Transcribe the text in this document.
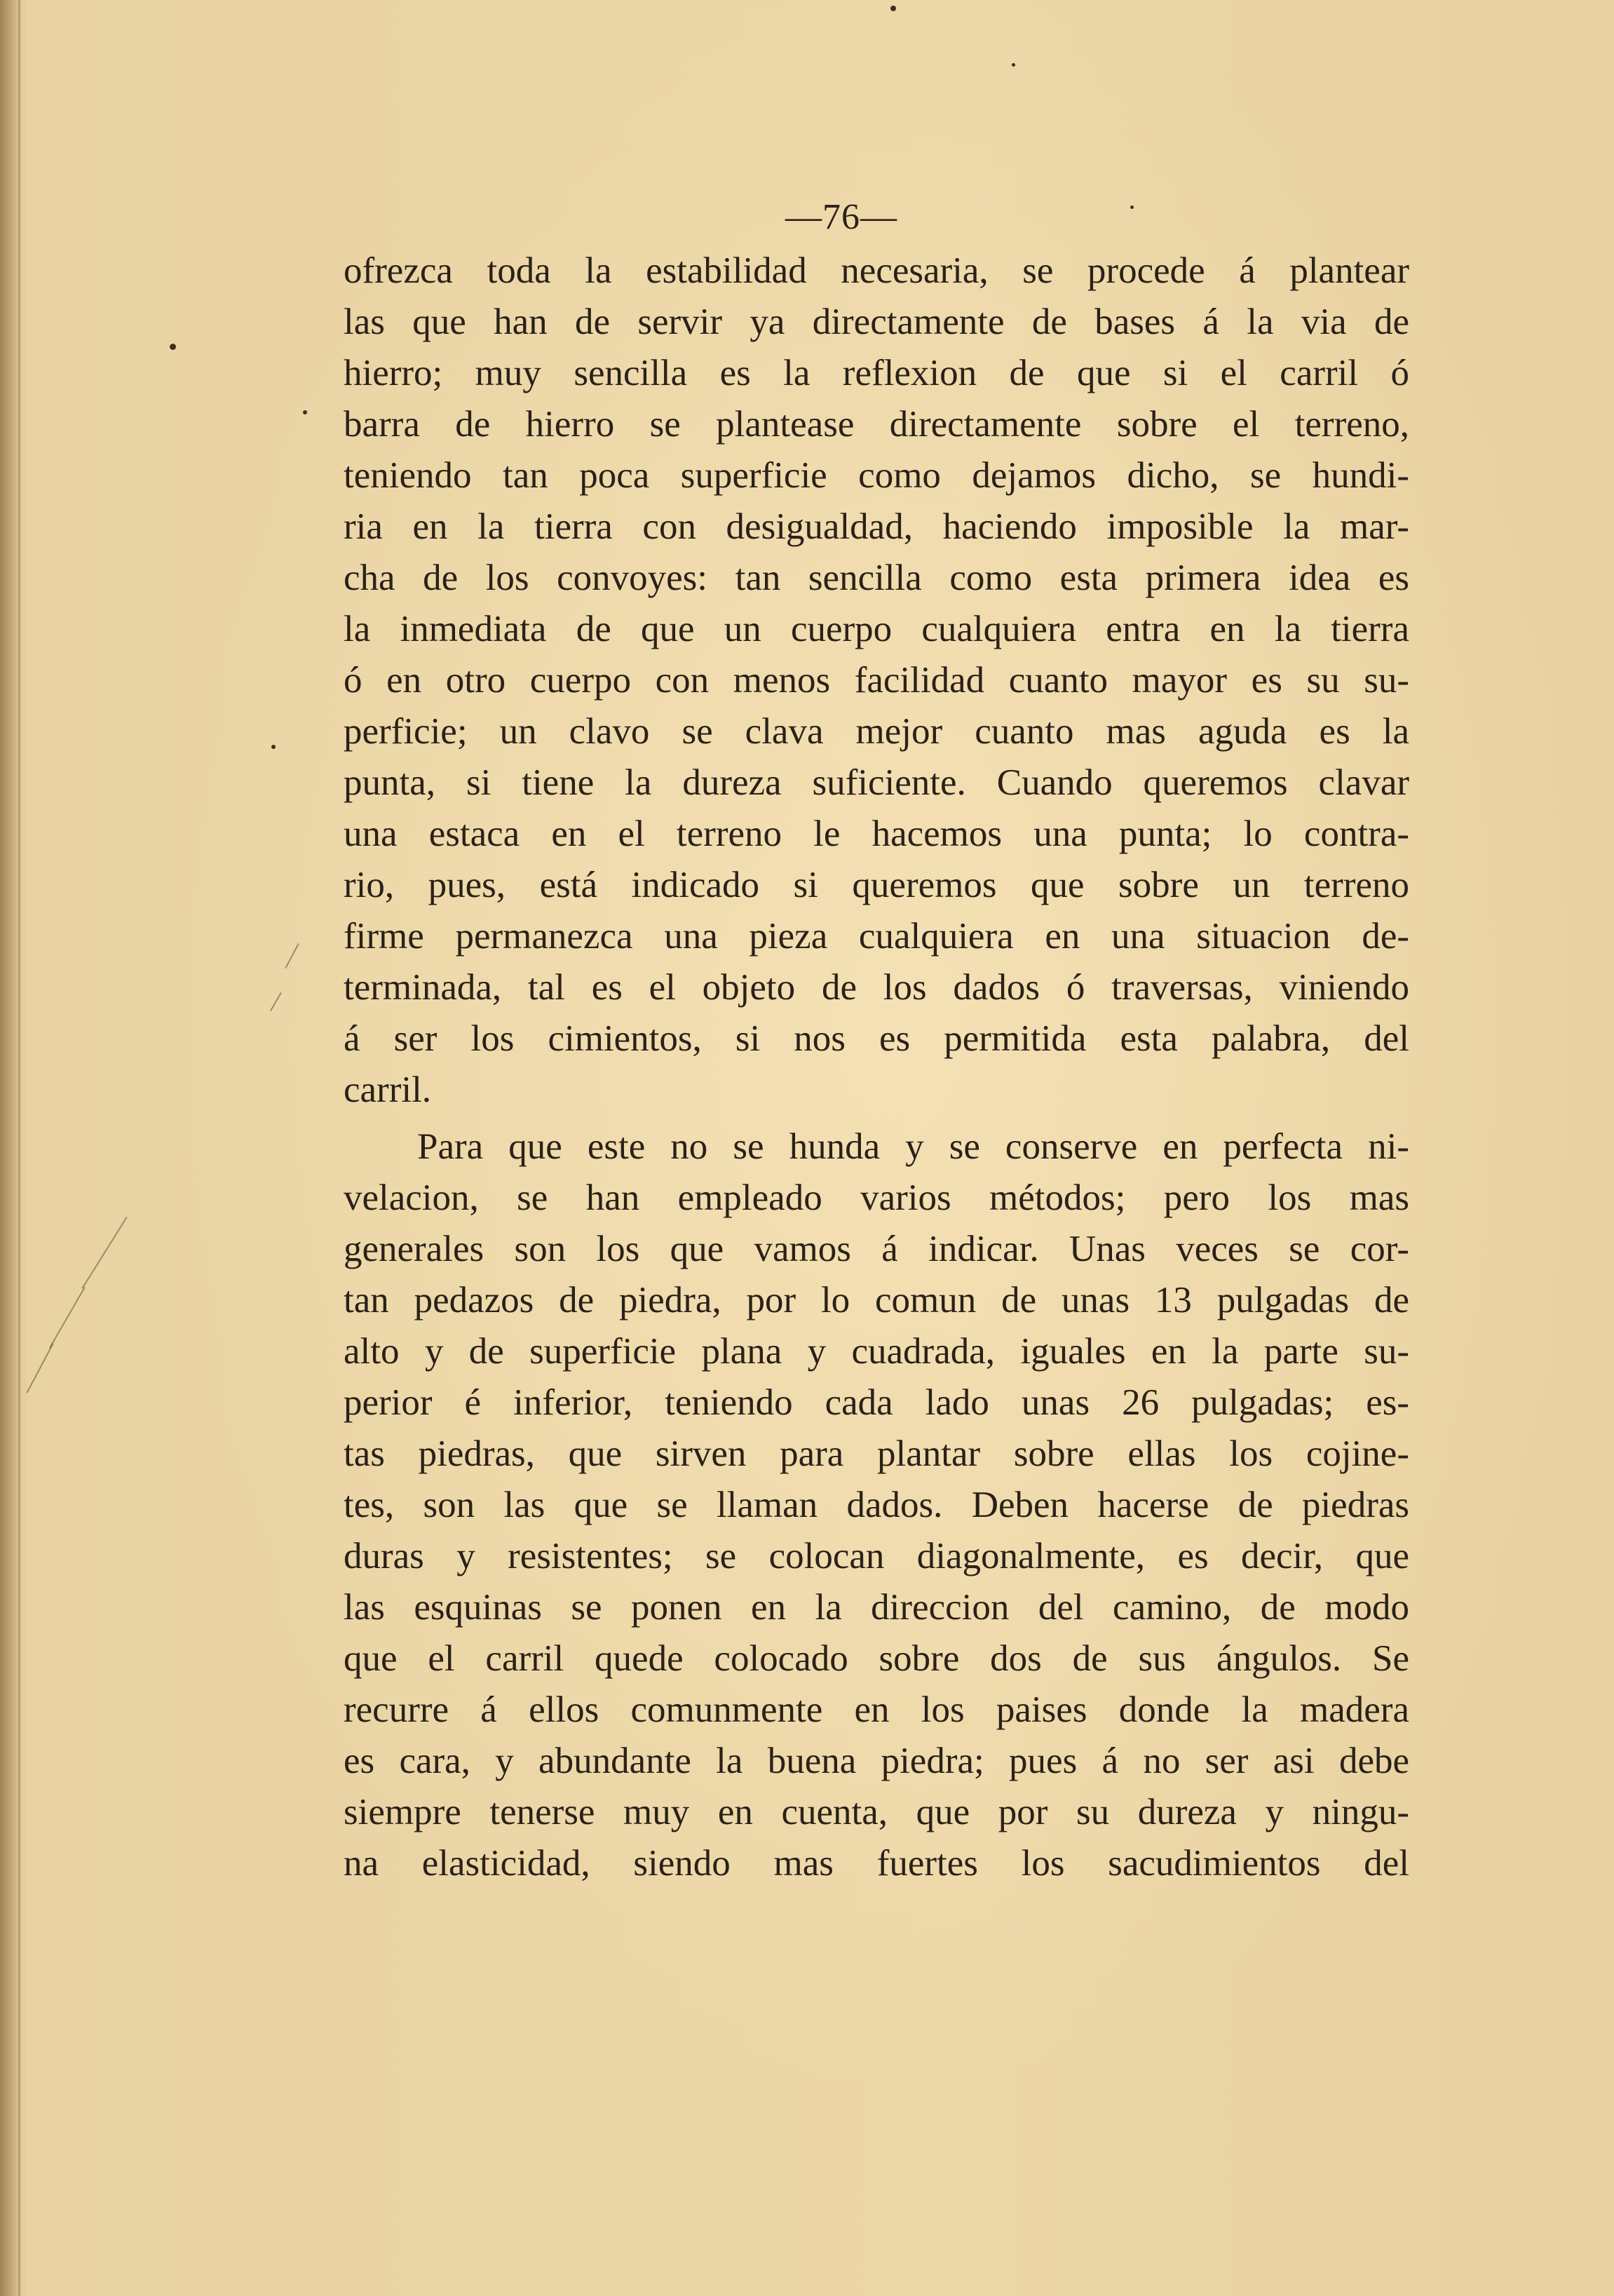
—76—
ofrezca toda la estabilidad necesaria, se procede á plantear
las que han de servir ya directamente de bases á la via de
hierro; muy sencilla es la reflexion de que si el carril ó
barra de hierro se plantease directamente sobre el terreno,
teniendo tan poca superficie como dejamos dicho, se hundi-
ria en la tierra con desigualdad, haciendo imposible la mar-
cha de los convoyes: tan sencilla como esta primera idea es
la inmediata de que un cuerpo cualquiera entra en la tierra
ó en otro cuerpo con menos facilidad cuanto mayor es su su-
perficie; un clavo se clava mejor cuanto mas aguda es la
punta, si tiene la dureza suficiente. Cuando queremos clavar
una estaca en el terreno le hacemos una punta; lo contra-
rio, pues, está indicado si queremos que sobre un terreno
firme permanezca una pieza cualquiera en una situacion de-
terminada, tal es el objeto de los dados ó traversas, viniendo
á ser los cimientos, si nos es permitida esta palabra, del
carril.
Para que este no se hunda y se conserve en perfecta ni-
velacion, se han empleado varios métodos; pero los mas
generales son los que vamos á indicar. Unas veces se cor-
tan pedazos de piedra, por lo comun de unas 13 pulgadas de
alto y de superficie plana y cuadrada, iguales en la parte su-
perior é inferior, teniendo cada lado unas 26 pulgadas; es-
tas piedras, que sirven para plantar sobre ellas los cojine-
tes, son las que se llaman dados. Deben hacerse de piedras
duras y resistentes; se colocan diagonalmente, es decir, que
las esquinas se ponen en la direccion del camino, de modo
que el carril quede colocado sobre dos de sus ángulos. Se
recurre á ellos comunmente en los paises donde la madera
es cara, y abundante la buena piedra; pues á no ser asi debe
siempre tenerse muy en cuenta, que por su dureza y ningu-
na elasticidad, siendo mas fuertes los sacudimientos del
